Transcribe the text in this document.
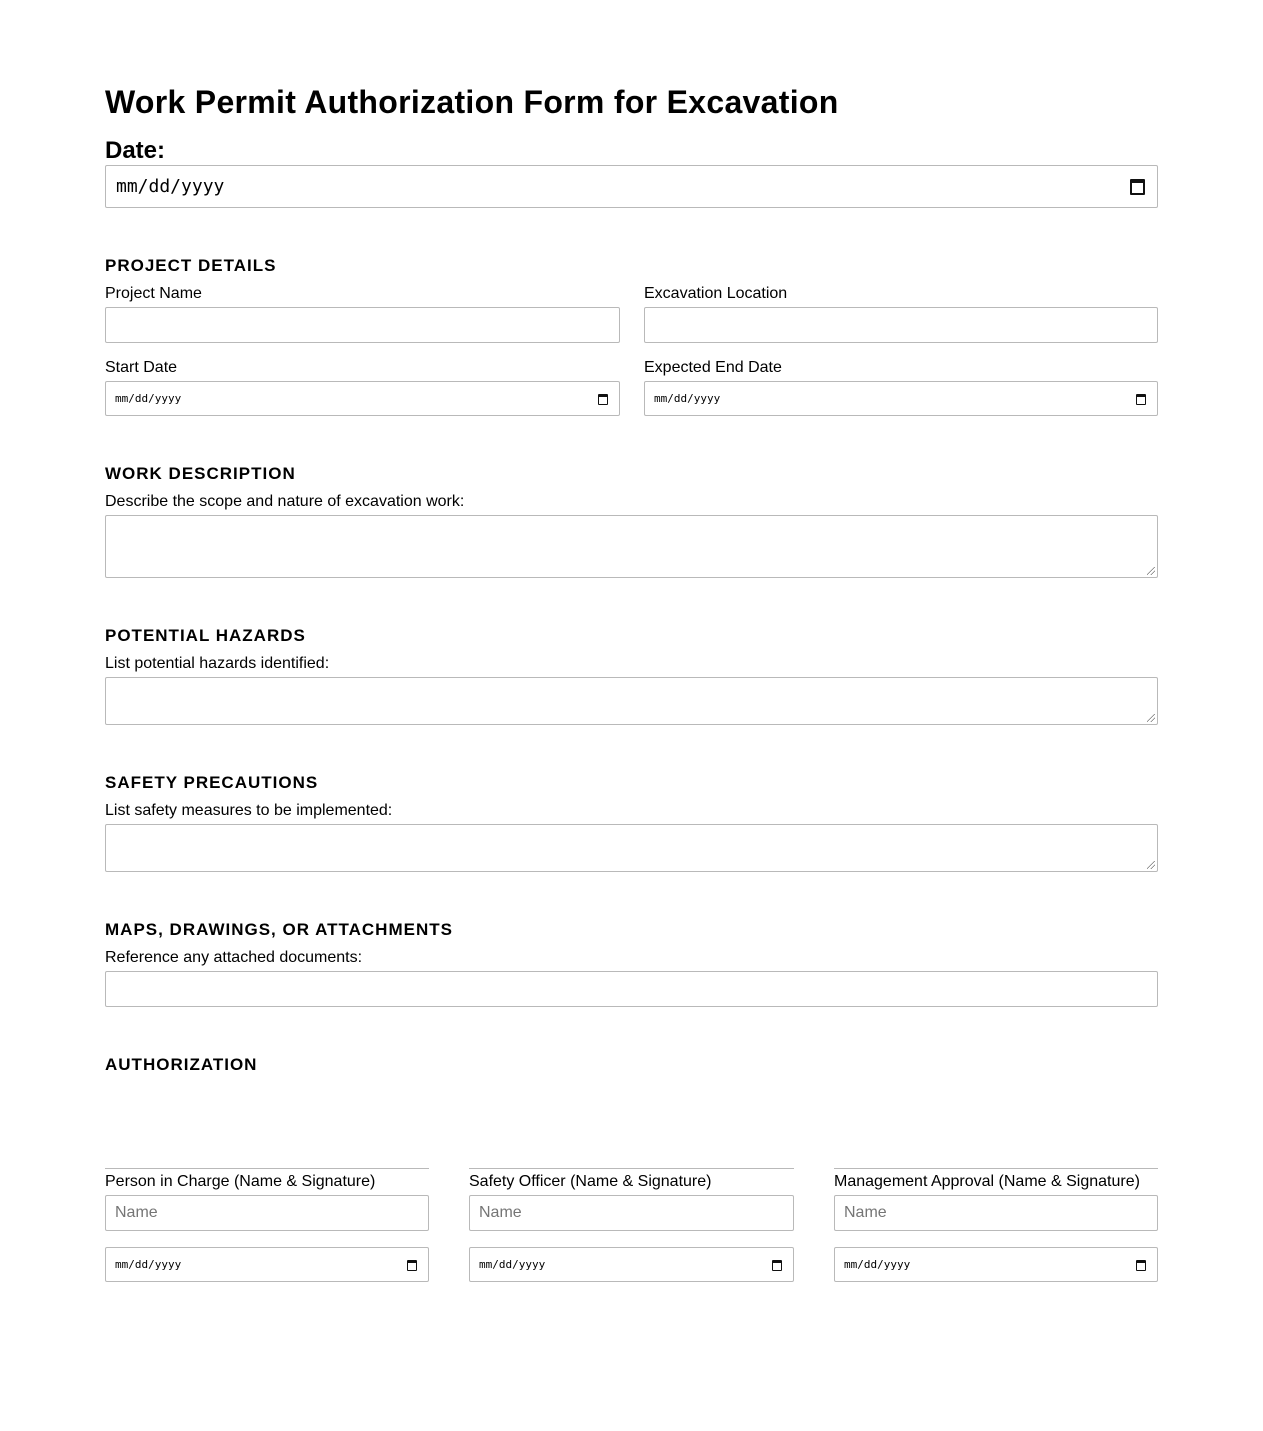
Work Permit Authorization Form for Excavation
Date:
mm/dd/yyyy
PROJECT DETAILS
Project Name	Excavation Location
Start Date
mm/dd/yyyy
Expected End Date
mm/dd/yyyy
WORK DESCRIPTION
Describe the scope and nature of excavation work:
POTENTIAL HAZARDS
List potential hazards identified:
SAFETY PRECAUTIONS
List safety measures to be implemented:
MAPS, DRAWINGS, OR ATTACHMENTS
Reference any attached documents:
AUTHORIZATION
Person in Charge (Name & Signature)
Name
mm/dd/yyyy
Safety Officer (Name & Signature)
Name
mm/dd/yyyy
Management Approval (Name & Signature)
Name
mm/dd/yyyy
